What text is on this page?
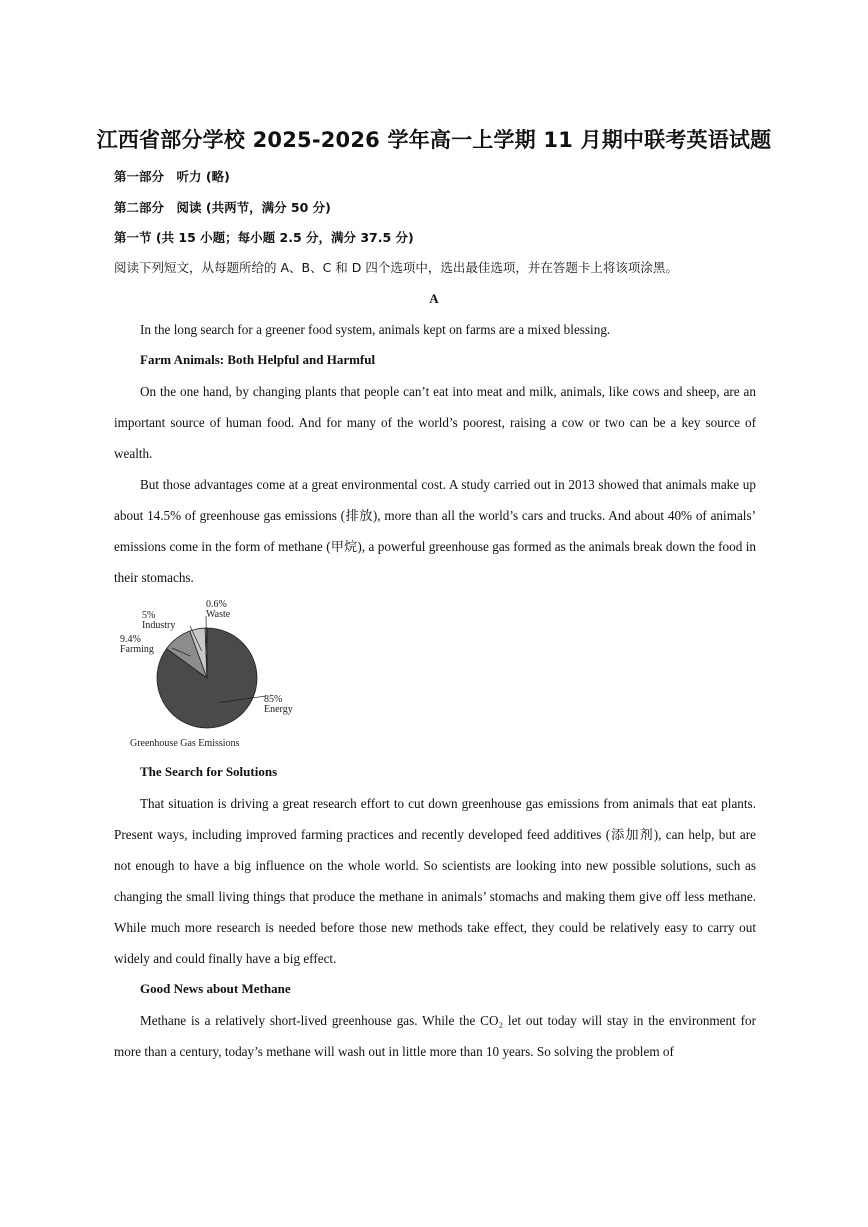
江西省部分学校 2025-2026 学年高一上学期 11 月期中联考英语试题
第一部分　听力 (略)
第二部分　阅读 (共两节，满分 50 分)
第一节 (共 15 小题；每小题 2.5 分，满分 37.5 分)
阅读下列短文，从每题所给的 A、B、C 和 D 四个选项中，选出最佳选项，并在答题卡上将该项涂黑。
A
In the long search for a greener food system, animals kept on farms are a mixed blessing.
Farm Animals: Both Helpful and Harmful
On the one hand, by changing plants that people can’t eat into meat and milk, animals, like cows and sheep, are an important source of human food. And for many of the world’s poorest, raising a cow or two can be a key source of wealth.
But those advantages come at a great environmental cost. A study carried out in 2013 showed that animals make up about 14.5% of greenhouse gas emissions (排放), more than all the world’s cars and trucks. And about 40% of animals’ emissions come in the form of methane (甲烷), a powerful greenhouse gas formed as the animals break down the food in their stomachs.
85%
Energy
9.4%
Farming
5%
Industry
0.6%
Waste
Greenhouse Gas Emissions
The Search for Solutions
That situation is driving a great research effort to cut down greenhouse gas emissions from animals that eat plants. Present ways, including improved farming practices and recently developed feed additives (添加剂), can help, but are not enough to have a big influence on the whole world. So scientists are looking into new possible solutions, such as changing the small living things that produce the methane in animals’ stomachs and making them give off less methane. While much more research is needed before those new methods take effect, they could be relatively easy to carry out widely and could finally have a big effect.
Good News about Methane
Methane is a relatively short-lived greenhouse gas. While the CO₂ let out today will stay in the environment for more than a century, today’s methane will wash out in little more than 10 years. So solving the problem of
